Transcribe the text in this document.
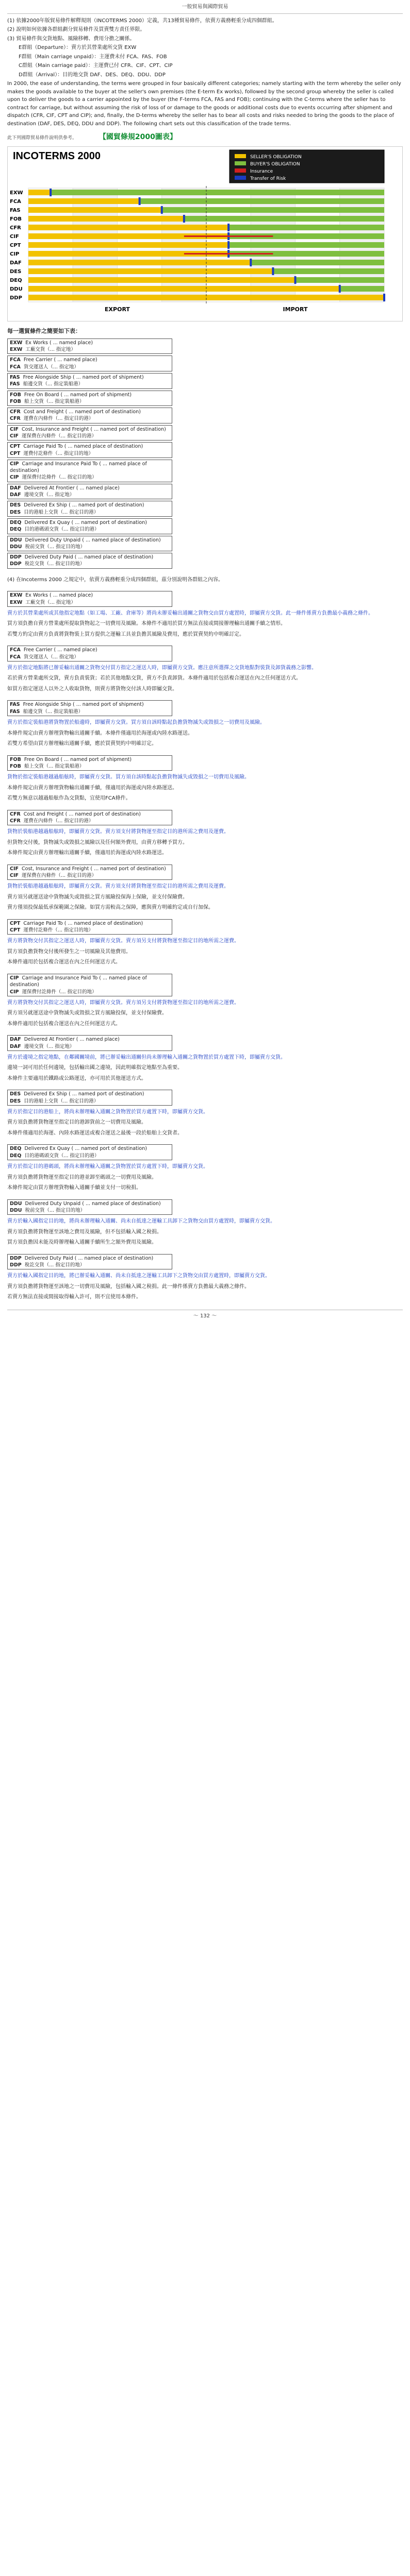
一般貿易與國際貿易

(1) 依據2000年版貿易條件解釋規則（INCOTERMS 2000）定義，共13種貿易條件，依賣方義務輕重分成四個群組。

(2) 說明如何依據各群組劃分貿易條件及買賣雙方責任界限。

(3) 貿易條件與交貨地點、風險移轉、費用分擔之關係。

E群組（Departure）：賣方於其營業處所交貨 EXW

F群組（Main carriage unpaid）：主運費未付 FCA、FAS、FOB

C群組（Main carriage paid）：主運費已付 CFR、CIF、CPT、CIP

D群組（Arrival）：目的地交貨 DAF、DES、DEQ、DDU、DDP

In 2000, the ease of understanding, the terms were grouped in four basically different categories; namely starting with the term whereby the seller only makes the goods available to the buyer at the seller's own premises (the E-term Ex works), followed by the second group whereby the seller is called upon to deliver the goods to a carrier appointed by the buyer (the F-terms FCA, FAS and FOB); continuing with the C-terms where the seller has to contract for carriage, but without assuming the risk of loss of or damage to the goods or additional costs due to events occurring after shipment and dispatch (CFR, CIF, CPT and CIP); and, finally, the D-terms whereby the seller has to bear all costs and risks needed to bring the goods to the place of destination (DAF, DES, DEQ, DDU and DDP). The following chart sets out this classification of the trade terms.

此下列國際貿易條件說明供參考。	【國貿條規2000圖表】
INCOTERMS 2000	SELLER'S OBLIGATION
BUYER'S OBLIGATION
Insurance
Transfer of Risk
EXW
FCA
FAS
FOB
CFR
CIF
CPT
CIP
DAF
DES
DEQ
DDU
DDP
EXPORT	IMPORT
每一選貿條件之簡要如下表：
EXW Ex Works ( ... named place)
EXW 工廠交貨（... 指定地）
FCA Free Carrier ( ... named place)
FCA 貨交運送人（... 指定地）
FAS Free Alongside Ship ( ... named port of shipment)
FAS 船邊交貨（... 指定裝船港）
FOB Free On Board ( ... named port of shipment)
FOB 船上交貨（... 指定裝船港）
CFR Cost and Freight ( ... named port of destination)
CFR 運費在內條件（... 指定目的港）
CIF Cost, Insurance and Freight ( ... named port of destination)
CIF 運保費在內條件（... 指定目的港）
CPT Carriage Paid To ( ... named place of destination)
CPT 運費付訖條件（... 指定目的地）
CIP Carriage and Insurance Paid To ( ... named place of destination)
CIP 運保費付訖條件（... 指定目的地）
DAF Delivered At Frontier ( ... named place)
DAF 邊境交貨（... 指定地）
DES Delivered Ex Ship ( ... named port of destination)
DES 目的港船上交貨（... 指定目的港）
DEQ Delivered Ex Quay ( ... named port of destination)
DEQ 目的港碼頭交貨（... 指定目的港）
DDU Delivered Duty Unpaid ( ... named place of destination)
DDU 稅前交貨（... 指定目的地）
DDP Delivered Duty Paid ( ... named place of destination)
DDP 稅訖交貨（... 指定目的地）

(4) 在Incoterms 2000 之規定中，依賣方義務輕重分成四個群組，茲分別說明各群組之內容。

EXW Ex Works ( ... named place)
EXW 工廠交貨（... 指定地）

賣方於其營業處所或其他指定地點（如工場、工廠、倉庫等）將尚未辦妥輸出通關之貨物交由買方處置時，即屬賣方交貨。此一條件係賣方負擔最小義務之條件。

買方須負擔自賣方營業處所提取貨物起之一切費用及風險。本條件不適用於買方無法直接或間接辦理輸出通關手續之情形。

若雙方約定由賣方負責將貨物裝上買方提供之運輸工具並負擔其風險及費用，應於買賣契約中明確訂定。

FCA Free Carrier ( ... named place)
FCA 貨交運送人（... 指定地）

賣方於指定地點將已辦妥輸出通關之貨物交付買方指定之運送人時，即屬賣方交貨。應注意所選擇之交貨地點對裝貨及卸貨義務之影響。

若於賣方營業處所交貨，賣方負責裝貨；若於其他地點交貨，賣方不負責卸貨。本條件適用於包括複合運送在內之任何運送方式。

如買方指定運送人以外之人收取貨物，則賣方將貨物交付該人時即屬交貨。

FAS Free Alongside Ship ( ... named port of shipment)
FAS 船邊交貨（... 指定裝船港）

賣方於指定裝船港將貨物置於船邊時，即屬賣方交貨。買方須自該時點起負擔貨物滅失或毀損之一切費用及風險。

本條件規定由賣方辦理貨物輸出通關手續。本條件僅適用於海運或內陸水路運送。

若雙方希望由買方辦理輸出通關手續，應於買賣契約中明確訂定。

FOB Free On Board ( ... named port of shipment)
FOB 船上交貨（... 指定裝船港）

貨物於指定裝船港越過船舷時，即屬賣方交貨。買方須自該時點起負擔貨物滅失或毀損之一切費用及風險。

本條件規定由賣方辦理貨物輸出通關手續，僅適用於海運或內陸水路運送。

若雙方無意以越過船舷作為交貨點，宜使用FCA條件。

CFR Cost and Freight ( ... named port of destination)
CFR 運費在內條件（... 指定目的港）

貨物於裝船港越過船舷時，即屬賣方交貨。賣方須支付將貨物運至指定目的港所需之費用及運費。

但貨物交付後，貨物滅失或毀損之風險以及任何額外費用，由賣方移轉予買方。

本條件規定由賣方辦理輸出通關手續，僅適用於海運或內陸水路運送。

CIF Cost, Insurance and Freight ( ... named port of destination)
CIF 運保費在內條件（... 指定目的港）

貨物於裝船港越過船舷時，即屬賣方交貨。賣方須支付將貨物運至指定目的港所需之費用及運費。

賣方須另就運送途中貨物滅失或毀損之買方風險投保海上保險，並支付保險費。

賣方僅須投保最低承保範圍之保險。如買方需較高之保障，應與賣方明確約定或自行加保。

CPT Carriage Paid To ( ... named place of destination)
CPT 運費付訖條件（... 指定目的地）

賣方將貨物交付其指定之運送人時，即屬賣方交貨。賣方須另支付將貨物運至指定目的地所需之運費。

買方須負擔貨物交付後所發生之一切風險及其他費用。

本條件適用於包括複合運送在內之任何運送方式。

CIP Carriage and Insurance Paid To ( ... named place of destination)
CIP 運保費付訖條件（... 指定目的地）

賣方將貨物交付其指定之運送人時，即屬賣方交貨。賣方須另支付將貨物運至指定目的地所需之運費。

賣方須另就運送途中貨物滅失或毀損之買方風險投保，並支付保險費。

本條件適用於包括複合運送在內之任何運送方式。

DAF Delivered At Frontier ( ... named place)
DAF 邊境交貨（... 指定地）

賣方於邊境之指定地點，在鄰國關境前，將已辦妥輸出通關但尚未辦理輸入通關之貨物置於買方處置下時，即屬賣方交貨。

邊境一詞可用於任何邊境，包括輸出國之邊境，因此明確指定地點至為重要。

本條件主要適用於鐵路或公路運送，亦可用於其他運送方式。

DES Delivered Ex Ship ( ... named port of destination)
DES 目的港船上交貨（... 指定目的港）

賣方於指定目的港船上，將尚未辦理輸入通關之貨物置於買方處置下時，即屬賣方交貨。

賣方須負擔將貨物運至指定目的港卸貨前之一切費用及風險。

本條件僅適用於海運、內陸水路運送或複合運送之最後一段於船舶上交貨者。

DEQ Delivered Ex Quay ( ... named port of destination)
DEQ 目的港碼頭交貨（... 指定目的港）

賣方於指定目的港碼頭，將尚未辦理輸入通關之貨物置於買方處置下時，即屬賣方交貨。

賣方須負擔將貨物運至指定目的港並卸至碼頭之一切費用及風險。

本條件規定由買方辦理貨物輸入通關手續並支付一切稅捐。

DDU Delivered Duty Unpaid ( ... named place of destination)
DDU 稅前交貨（... 指定目的地）

賣方於輸入國指定目的地，將尚未辦理輸入通關、尚未自抵達之運輸工具卸下之貨物交由買方處置時，即屬賣方交貨。

賣方須負擔將貨物運至該地之費用及風險，但不包括輸入國之稅捐。

買方須負擔因未能及時辦理輸入通關手續所生之額外費用及風險。

DDP Delivered Duty Paid ( ... named place of destination)
DDP 稅訖交貨（... 指定目的地）

賣方於輸入國指定目的地，將已辦妥輸入通關、尚未自抵達之運輸工具卸下之貨物交由買方處置時，即屬賣方交貨。

賣方須負擔將貨物運至該地之一切費用及風險，包括輸入國之稅捐。此一條件係賣方負擔最大義務之條件。

若賣方無法直接或間接取得輸入許可，則不宜使用本條件。

～ 132 ～
